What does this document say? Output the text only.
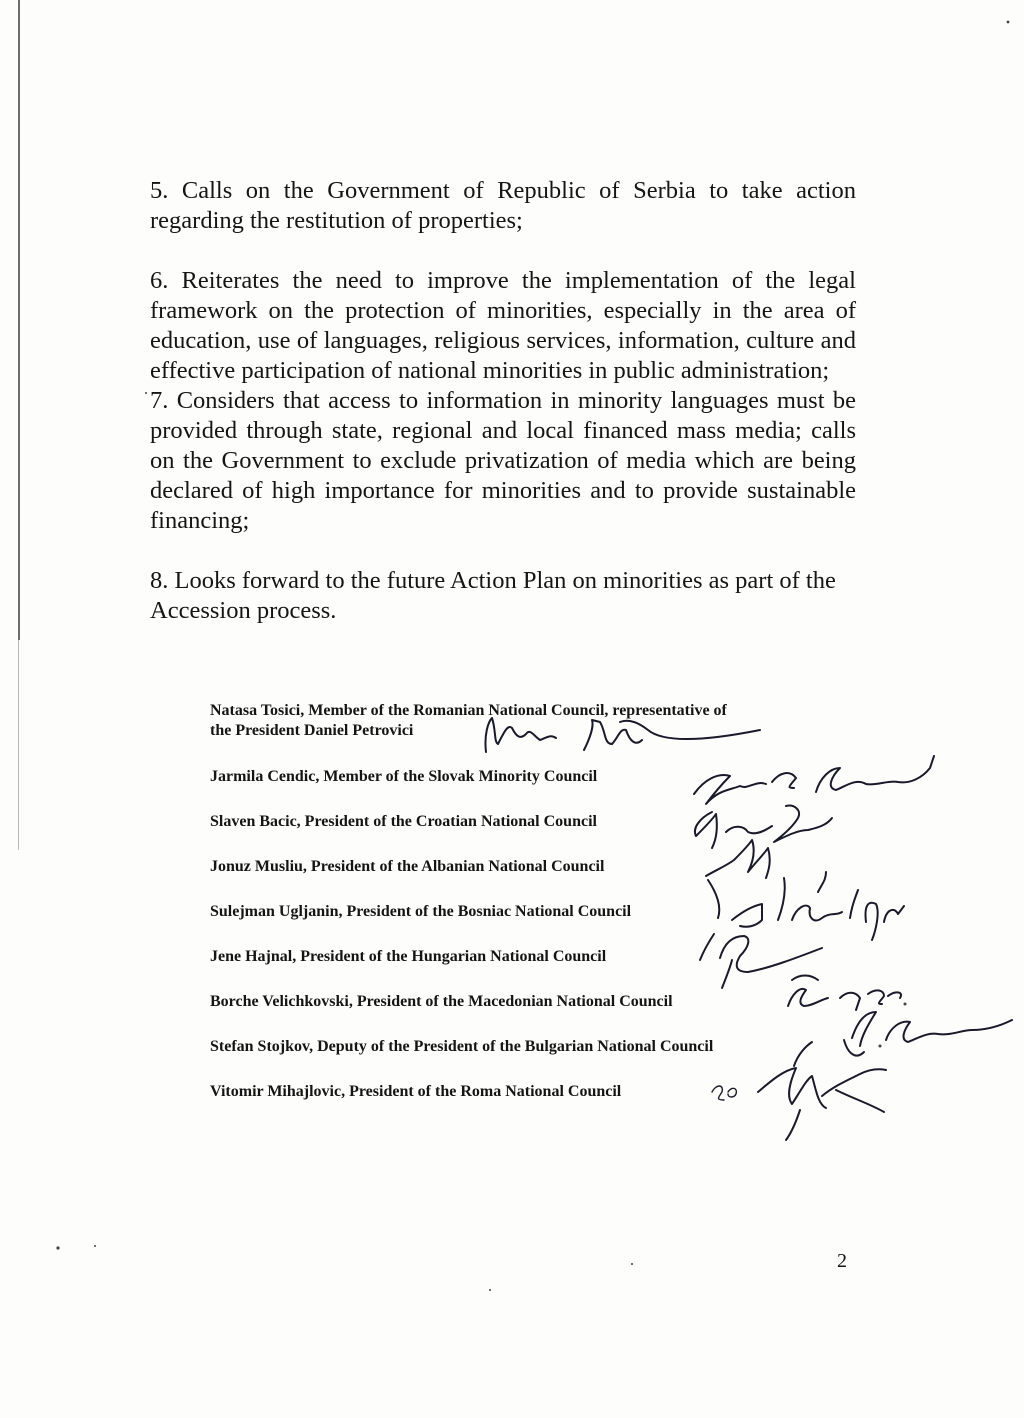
5. Calls on the Government of Republic of Serbia to take action regarding the restitution of properties;

6. Reiterates the need to improve the implementation of the legal framework on the protection of minorities, especially in the area of education, use of languages, religious services, information, culture and effective participation of national minorities in public administration;

7. Considers that access to information in minority languages must be provided through state, regional and local financed mass media; calls on the Government to exclude privatization of media which are being declared of high importance for minorities and to provide sustainable financing;

8. Looks forward to the future Action Plan on minorities as part of the Accession process.

Natasa Tosici, Member of the Romanian National Council, representative of
the President Daniel Petrovici
Jarmila Cendic, Member of the Slovak Minority Council
Slaven Bacic, President of the Croatian National Council
Jonuz Musliu, President of the Albanian National Council
Sulejman Ugljanin, President of the Bosniac National Council
Jene Hajnal, President of the Hungarian National Council
Borche Velichkovski, President of the Macedonian National Council
Stefan Stojkov, Deputy of the President of the Bulgarian National Council
Vitomir Mihajlovic, President of the Roma National Council
2
